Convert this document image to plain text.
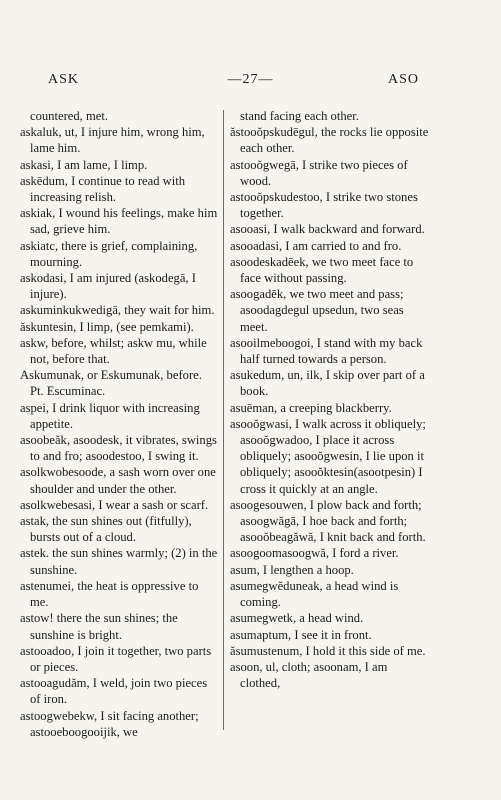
ASK	—27—	ASO
countered, met.
askaluk, ut, I injure him, wrong him, lame him.
askasi, I am lame, I limp.
askēdum, I continue to read with increasing relish.
askiak, I wound his feelings, make him sad, grieve him.
askiatc, there is grief, complaining, mourning.
askodasi, I am injured (askodegā, I injure).
askuminkukwedigā, they wait for him.
ăskuntesin, I limp, (see pemkami).
askw, before, whilst; askw mu, while not, before that.
Askumunak, or Eskumunak, before. Pt. Escuminac.
aspei, I drink liquor with increasing appetite.
asoobeăk, asoodesk, it vibrates, swings to and fro; asoodestoo, I swing it.
asolkwobesoode, a sash worn over one shoulder and under the other.
asolkwebesasi, I wear a sash or scarf.
astak, the sun shines out (fitfully), bursts out of a cloud.
astek. the sun shines warmly; (2) in the sunshine.
astenumei, the heat is oppressive to me.
astow! there the sun shines; the sunshine is bright.
astooadoo, I join it together, two parts or pieces.
astooagudăm, I weld, join two pieces of iron.
astoogwebekw, I sit facing another; astooeboogooijik, we
stand facing each other.
ăstooŏpskudēgul, the rocks lie opposite each other.
astooŏgwegā, I strike two pieces of wood.
astooŏpskudestoo, I strike two stones together.
asooasi, I walk backward and forward.
asooadasi, I am carried to and fro.
asoodeskadēek, we two meet face to face without passing.
asoogadēk, we two meet and pass; asoodagdegul upsedun, two seas meet.
asooilmeboogoi, I stand with my back half turned towards a person.
asukedum, un, ilk, I skip over part of a book.
asuēman, a creeping blackberry.
asooŏgwasi, I walk across it obliquely; asooŏgwadoo, I place it across obliquely; asooŏgwesin, I lie upon it obliquely; asooŏktesin(asootpesin) I cross it quickly at an angle.
asoogesouwen, I plow back and forth; asoogwăgā, I hoe back and forth; asooŏbeagăwă, I knit back and forth.
asoogoomasoogwă, I ford a river.
asum, I lengthen a hoop.
asumegwĕduneak, a head wind is coming.
asumegwetk, a head wind.
asumaptum, I see it in front.
ăsumustenum, I hold it this side of me.
asoon, ul, cloth; asoonam, I am clothed,
